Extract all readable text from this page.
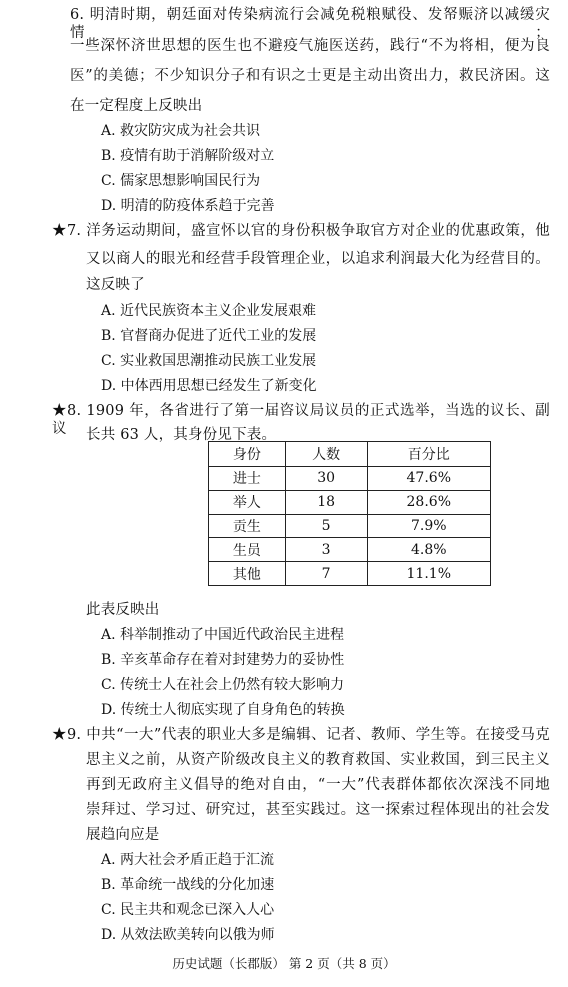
6. 明清时期，朝廷面对传染病流行会减免税粮赋役、发帑赈济以减缓灾情；
一些深怀济世思想的医生也不避疫气施医送药，践行“不为将相，便为良
医”的美德；不少知识分子和有识之士更是主动出资出力，救民济困。这
在一定程度上反映出
A. 救灾防灾成为社会共识
B. 疫情有助于消解阶级对立
C. 儒家思想影响国民行为
D. 明清的防疫体系趋于完善
★7. 洋务运动期间，盛宣怀以官的身份积极争取官方对企业的优惠政策，他
又以商人的眼光和经营手段管理企业，以追求利润最大化为经营目的。
这反映了
A. 近代民族资本主义企业发展艰难
B. 官督商办促进了近代工业的发展
C. 实业救国思潮推动民族工业发展
D. 中体西用思想已经发生了新变化
★8. 1909 年，各省进行了第一届咨议局议员的正式选举，当选的议长、副议	长共 63 人，其身份见下表。
身份	人数	百分比
进士	30	47.6%
举人	18	28.6%
贡生	5	7.9%
生员	3	4.8%
其他	7	11.1%
此表反映出
A. 科举制推动了中国近代政治民主进程
B. 辛亥革命存在着对封建势力的妥协性
C. 传统士人在社会上仍然有较大影响力
D. 传统士人彻底实现了自身角色的转换
★9. 中共“一大”代表的职业大多是编辑、记者、教师、学生等。在接受马克
思主义之前，从资产阶级改良主义的教育救国、实业救国，到三民主义
再到无政府主义倡导的绝对自由，“一大”代表群体都依次深浅不同地
崇拜过、学习过、研究过，甚至实践过。这一探索过程体现出的社会发
展趋向应是
A. 两大社会矛盾正趋于汇流
B. 革命统一战线的分化加速
C. 民主共和观念已深入人心
D. 从效法欧美转向以俄为师
历史试题（长郡版） 第 2 页（共 8 页）
